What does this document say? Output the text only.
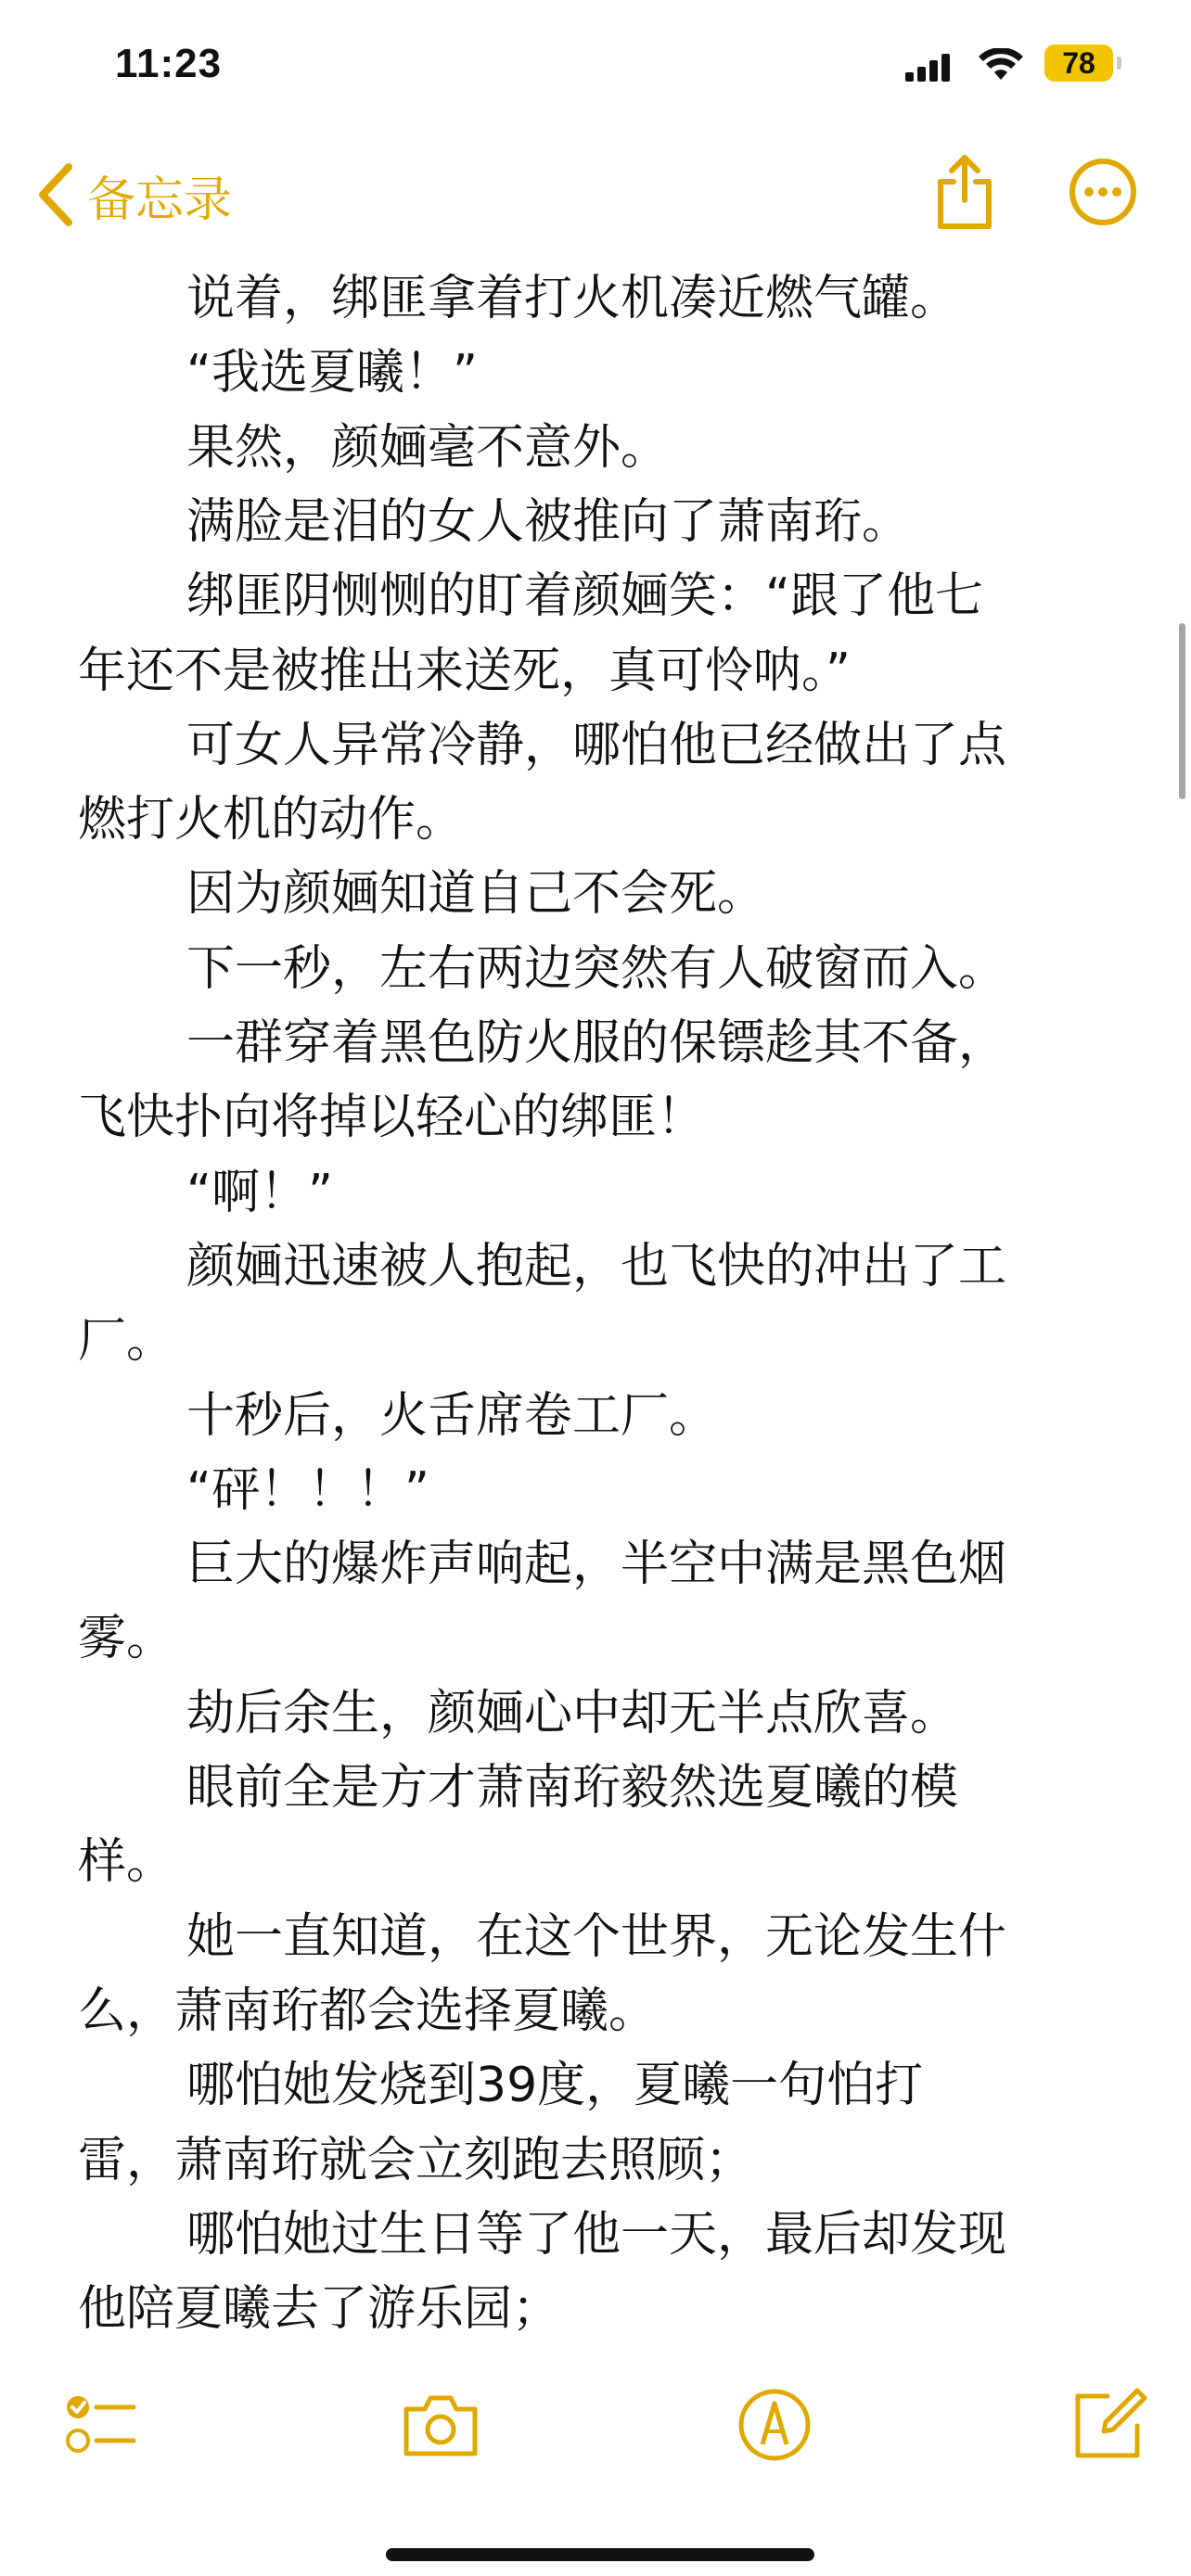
11:23	78
备忘录
说着，绑匪拿着打火机凑近燃气罐。
“我选夏曦！”
果然，颜婳毫不意外。
满脸是泪的女人被推向了萧南珩。
绑匪阴恻恻的盯着颜婳笑：“跟了他七
年还不是被推出来送死，真可怜呐。”
可女人异常冷静，哪怕他已经做出了点
燃打火机的动作。
因为颜婳知道自己不会死。
下一秒，左右两边突然有人破窗而入。
一群穿着黑色防火服的保镖趁其不备，
飞快扑向将掉以轻心的绑匪！
“啊！”
颜婳迅速被人抱起，也飞快的冲出了工
厂。
十秒后，火舌席卷工厂。
“砰！！！”
巨大的爆炸声响起，半空中满是黑色烟
雾。
劫后余生，颜婳心中却无半点欣喜。
眼前全是方才萧南珩毅然选夏曦的模
样。
她一直知道，在这个世界，无论发生什
么，萧南珩都会选择夏曦。
哪怕她发烧到39度，夏曦一句怕打
雷，萧南珩就会立刻跑去照顾；
哪怕她过生日等了他一天，最后却发现
他陪夏曦去了游乐园；
